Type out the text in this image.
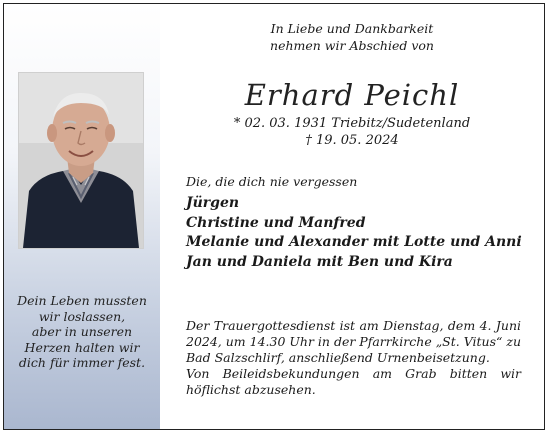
Dein Leben mussten
wir loslassen,
aber in unseren
Herzen halten wir
dich für immer fest.
In Liebe und Dankbarkeit
nehmen wir Abschied von
Erhard Peichl
* 02. 03. 1931 Triebitz/Sudetenland
† 19. 05. 2024
Die, die dich nie vergessen
Jürgen
Christine und Manfred
Melanie und Alexander mit Lotte und Anni
Jan und Daniela mit Ben und Kira

Der Trauergottesdienst ist am Dienstag, dem 4. Juni 2024, um 14.30 Uhr in der Pfarrkirche „St. Vitus“ zu Bad Salzschlirf, anschließend Urnenbeisetzung.

Von Beileidsbekundungen am Grab bitten wir höflichst abzusehen.
